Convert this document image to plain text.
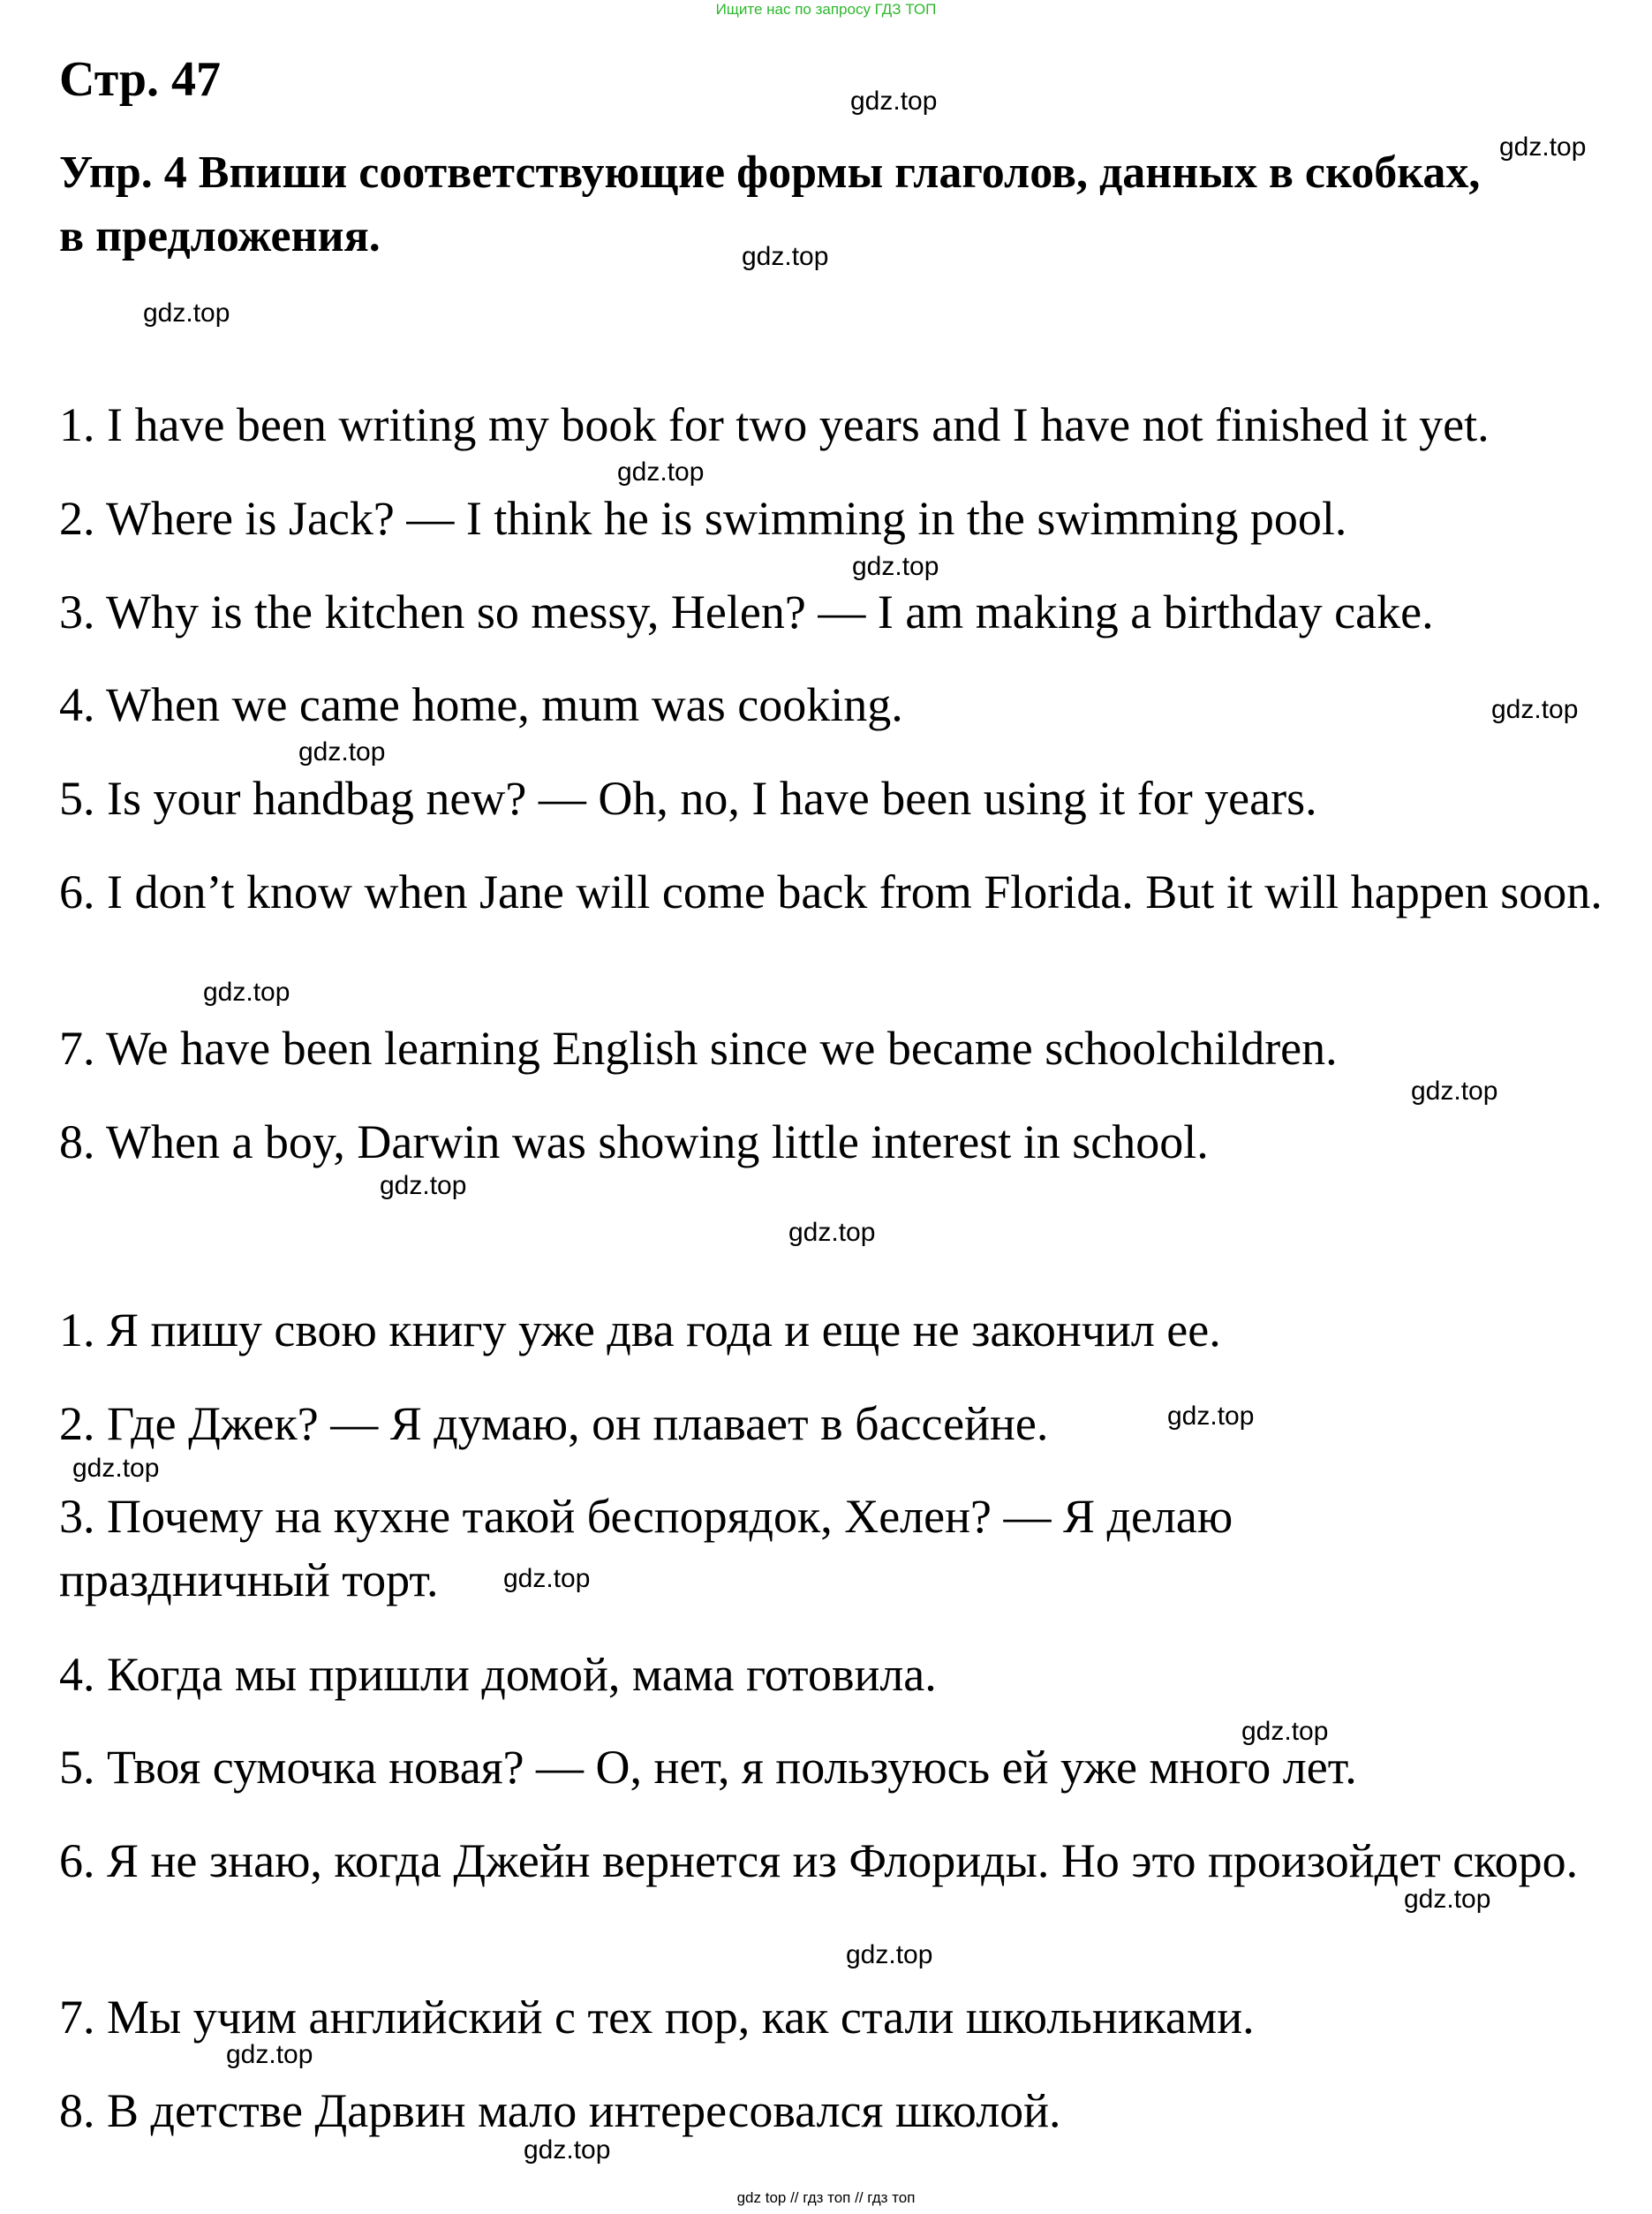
Ищите нас по запросу ГДЗ ТОП
Стр. 47
Упр. 4 Впиши соответствующие формы глаголов, данных в скобках, в предложения.
1. I have been writing my book for two years and I have not finished it yet.
2. Where is Jack? — I think he is swimming in the swimming pool.
3. Why is the kitchen so messy, Helen? — I am making a birthday cake.
4. When we came home, mum was cooking.
5. Is your handbag new? — Oh, no, I have been using it for years.
6. I don’t know when Jane will come back from Florida. But it will happen soon.
7. We have been learning English since we became schoolchildren.
8. When a boy, Darwin was showing little interest in school.
1. Я пишу свою книгу уже два года и еще не закончил ее.
2. Где Джек? — Я думаю, он плавает в бассейне.
3. Почему на кухне такой беспорядок, Хелен? — Я делаю праздничный торт.
4. Когда мы пришли домой, мама готовила.
5. Твоя сумочка новая? — О, нет, я пользуюсь ей уже много лет.
6. Я не знаю, когда Джейн вернется из Флориды. Но это произойдет скоро.
7. Мы учим английский с тех пор, как стали школьниками.
8. В детстве Дарвин мало интересовался школой.
gdz.top
gdz.top
gdz.top
gdz.top
gdz.top
gdz.top
gdz.top
gdz.top
gdz.top
gdz.top
gdz.top
gdz.top
gdz.top
gdz.top
gdz.top
gdz.top
gdz.top
gdz.top
gdz.top
gdz.top
gdz top // гдз топ // гдз топ
